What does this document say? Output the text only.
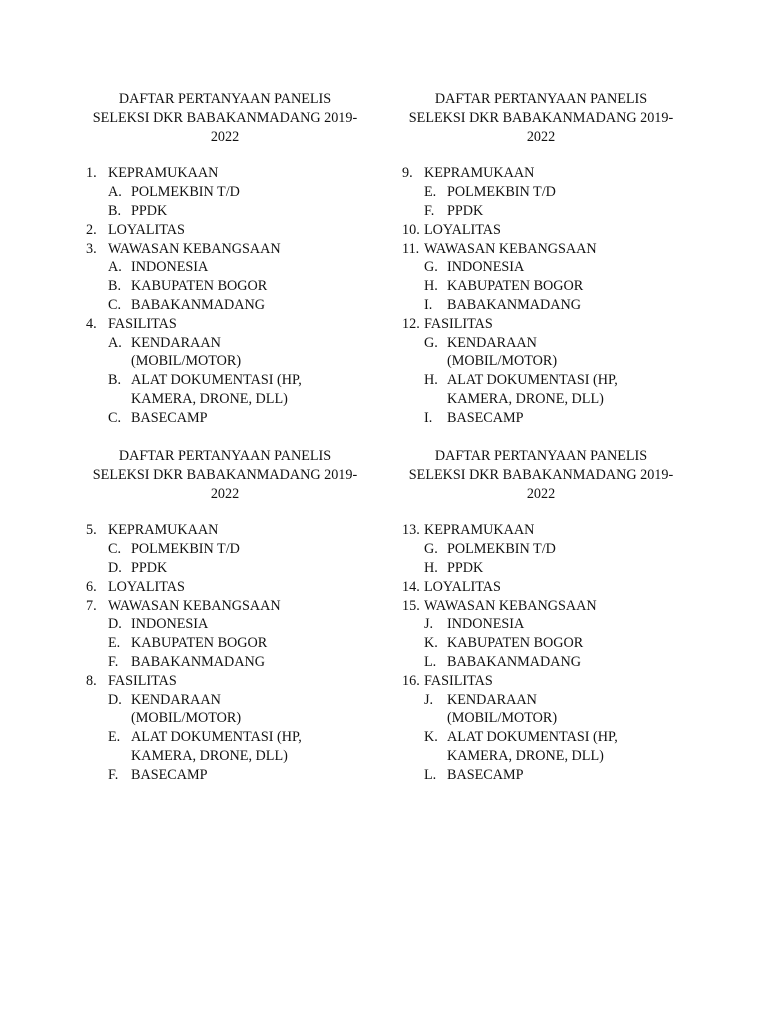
DAFTAR PERTANYAAN PANELIS
SELEKSI DKR BABAKANMADANG 2019-
2022
1. KEPRAMUKAAN
A. POLMEKBIN T/D
B. PPDK
2. LOYALITAS
3. WAWASAN KEBANGSAAN
A. INDONESIA
B. KABUPATEN BOGOR
C. BABAKANMADANG
4. FASILITAS
A. KENDARAAN (MOBIL/MOTOR)
B. ALAT DOKUMENTASI (HP, KAMERA, DRONE, DLL)
C. BASECAMP
DAFTAR PERTANYAAN PANELIS
SELEKSI DKR BABAKANMADANG 2019-
2022
9. KEPRAMUKAAN
E. POLMEKBIN T/D
F. PPDK
10. LOYALITAS
11. WAWASAN KEBANGSAAN
G. INDONESIA
H. KABUPATEN BOGOR
I. BABAKANMADANG
12. FASILITAS
G. KENDARAAN (MOBIL/MOTOR)
H. ALAT DOKUMENTASI (HP, KAMERA, DRONE, DLL)
I. BASECAMP
DAFTAR PERTANYAAN PANELIS
SELEKSI DKR BABAKANMADANG 2019-
2022
5. KEPRAMUKAAN
C. POLMEKBIN T/D
D. PPDK
6. LOYALITAS
7. WAWASAN KEBANGSAAN
D. INDONESIA
E. KABUPATEN BOGOR
F. BABAKANMADANG
8. FASILITAS
D. KENDARAAN (MOBIL/MOTOR)
E. ALAT DOKUMENTASI (HP, KAMERA, DRONE, DLL)
F. BASECAMP
DAFTAR PERTANYAAN PANELIS
SELEKSI DKR BABAKANMADANG 2019-
2022
13. KEPRAMUKAAN
G. POLMEKBIN T/D
H. PPDK
14. LOYALITAS
15. WAWASAN KEBANGSAAN
J. INDONESIA
K. KABUPATEN BOGOR
L. BABAKANMADANG
16. FASILITAS
J. KENDARAAN (MOBIL/MOTOR)
K. ALAT DOKUMENTASI (HP, KAMERA, DRONE, DLL)
L. BASECAMP
